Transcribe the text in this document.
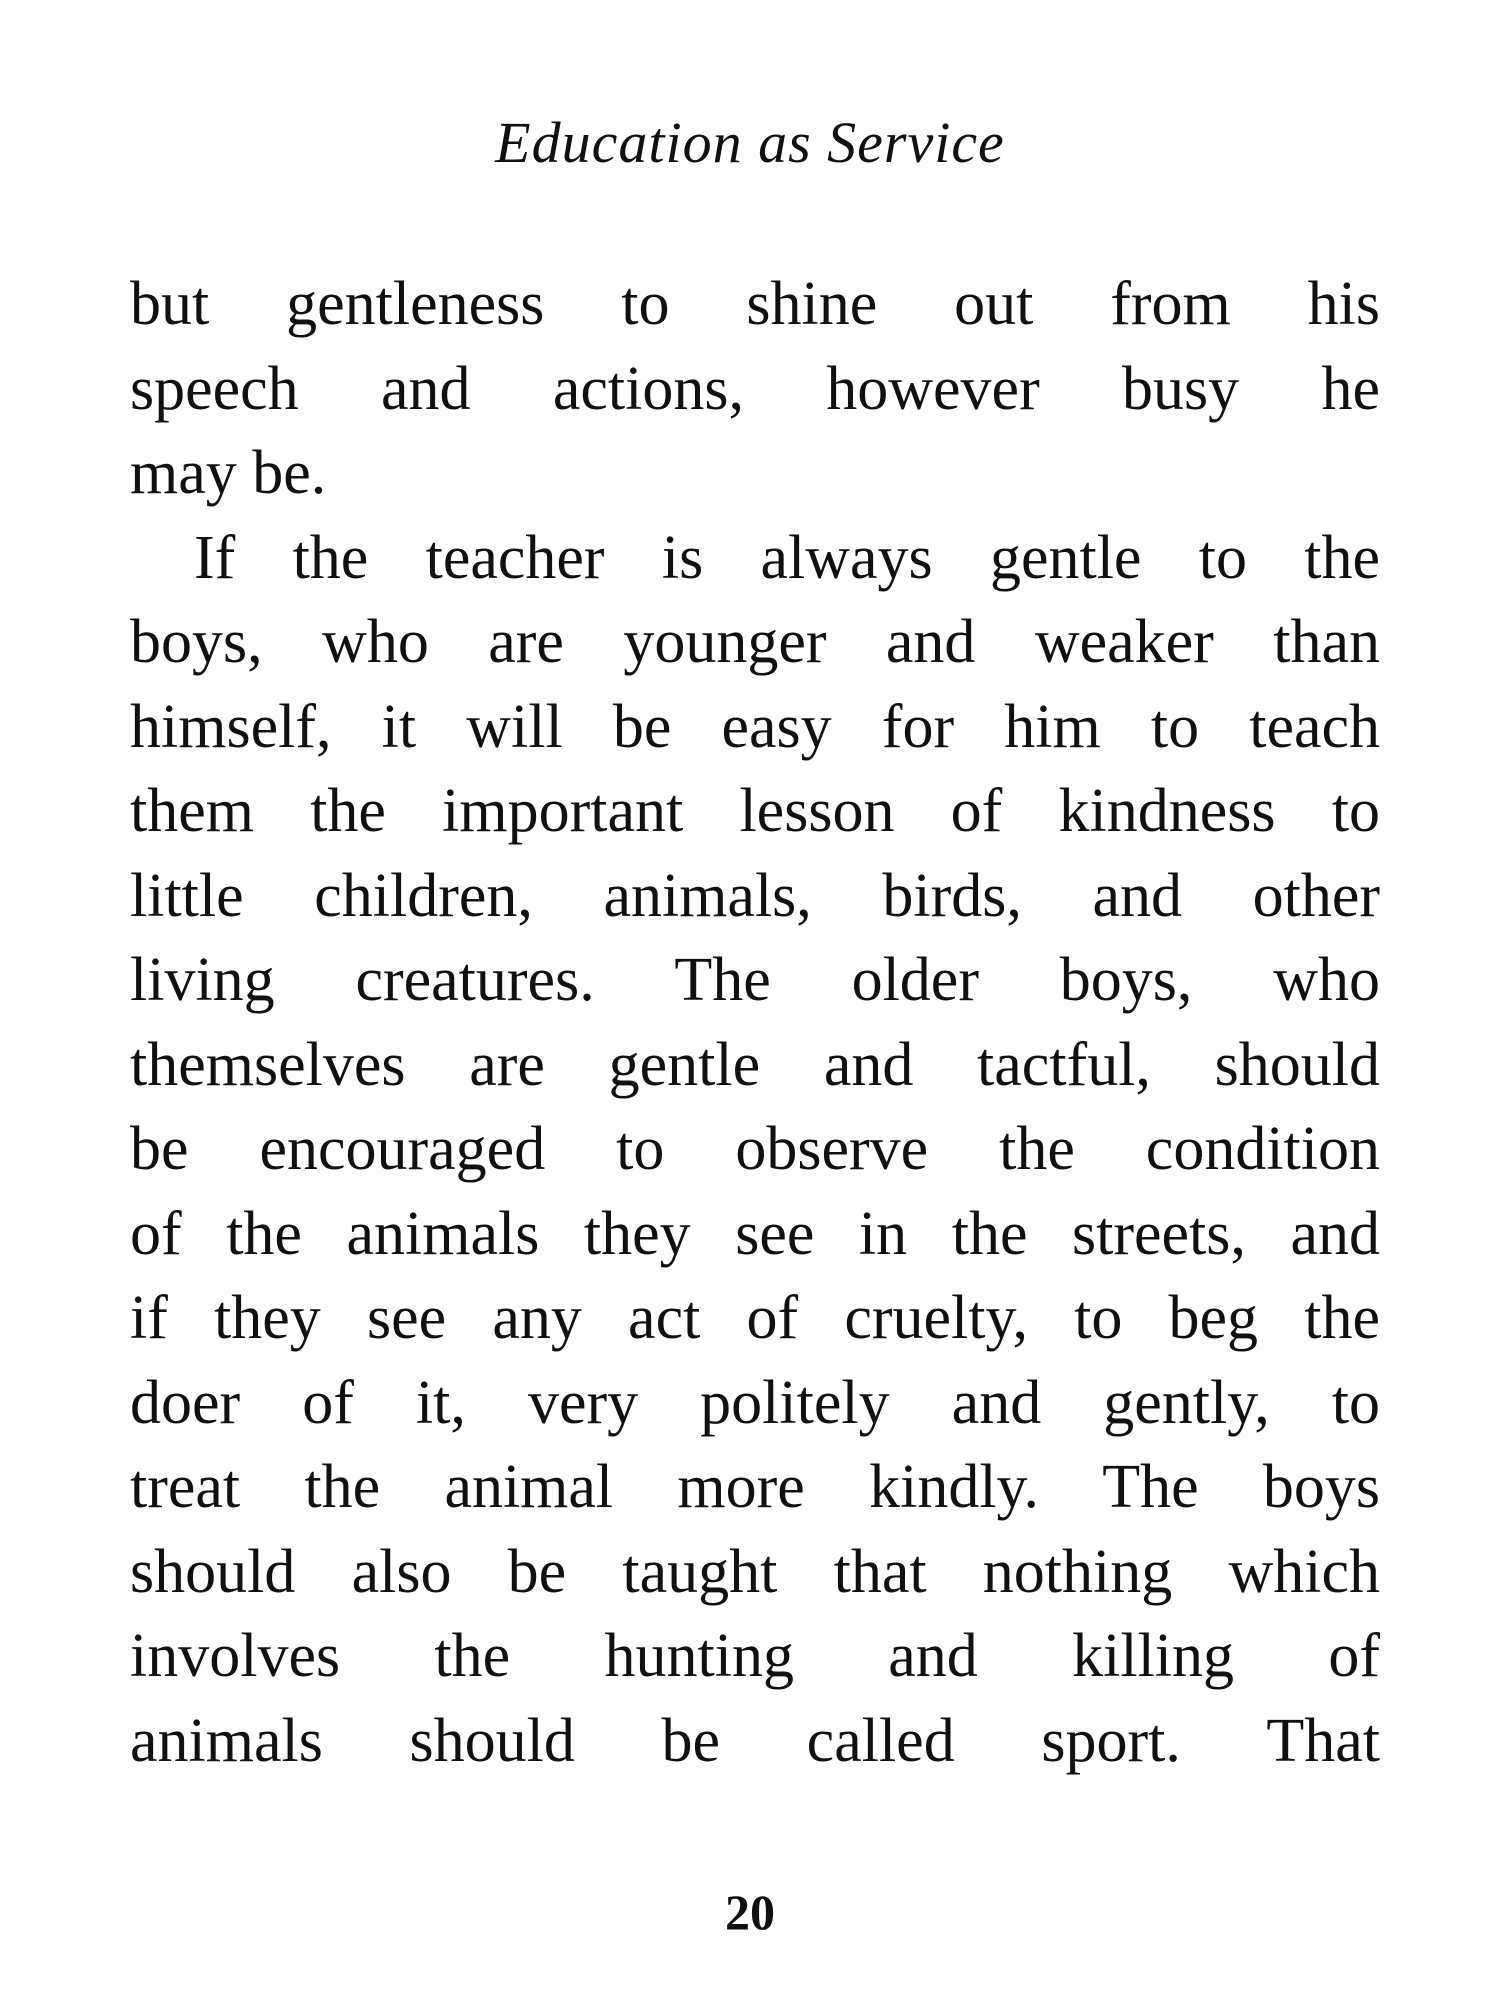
Education as Service
but gentleness to shine out from his
speech and actions, however busy he
may be.
If the teacher is always gentle to the
boys, who are younger and weaker than
himself, it will be easy for him to teach
them the important lesson of kindness to
little children, animals, birds, and other
living creatures. The older boys, who
themselves are gentle and tactful, should
be encouraged to observe the condition
of the animals they see in the streets, and
if they see any act of cruelty, to beg the
doer of it, very politely and gently, to
treat the animal more kindly. The boys
should also be taught that nothing which
involves the hunting and killing of
animals should be called sport. That
20
